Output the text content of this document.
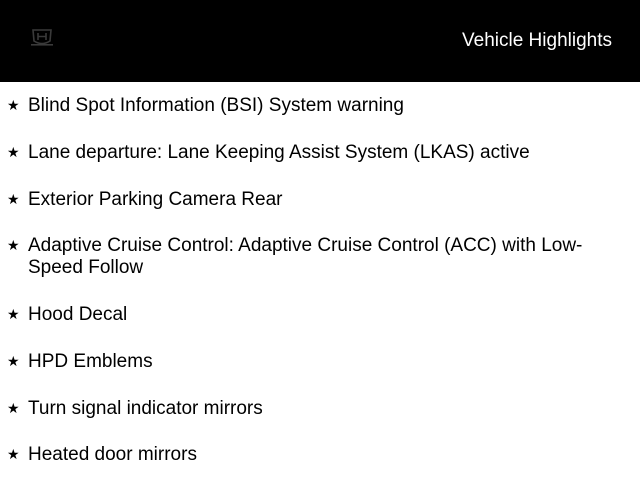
Vehicle Highlights
★ Blind Spot Information (BSI) System warning
★ Lane departure: Lane Keeping Assist System (LKAS) active
★ Exterior Parking Camera Rear
★ Adaptive Cruise Control: Adaptive Cruise Control (ACC) with Low-Speed Follow
★ Hood Decal
★ HPD Emblems
★ Turn signal indicator mirrors
★ Heated door mirrors
